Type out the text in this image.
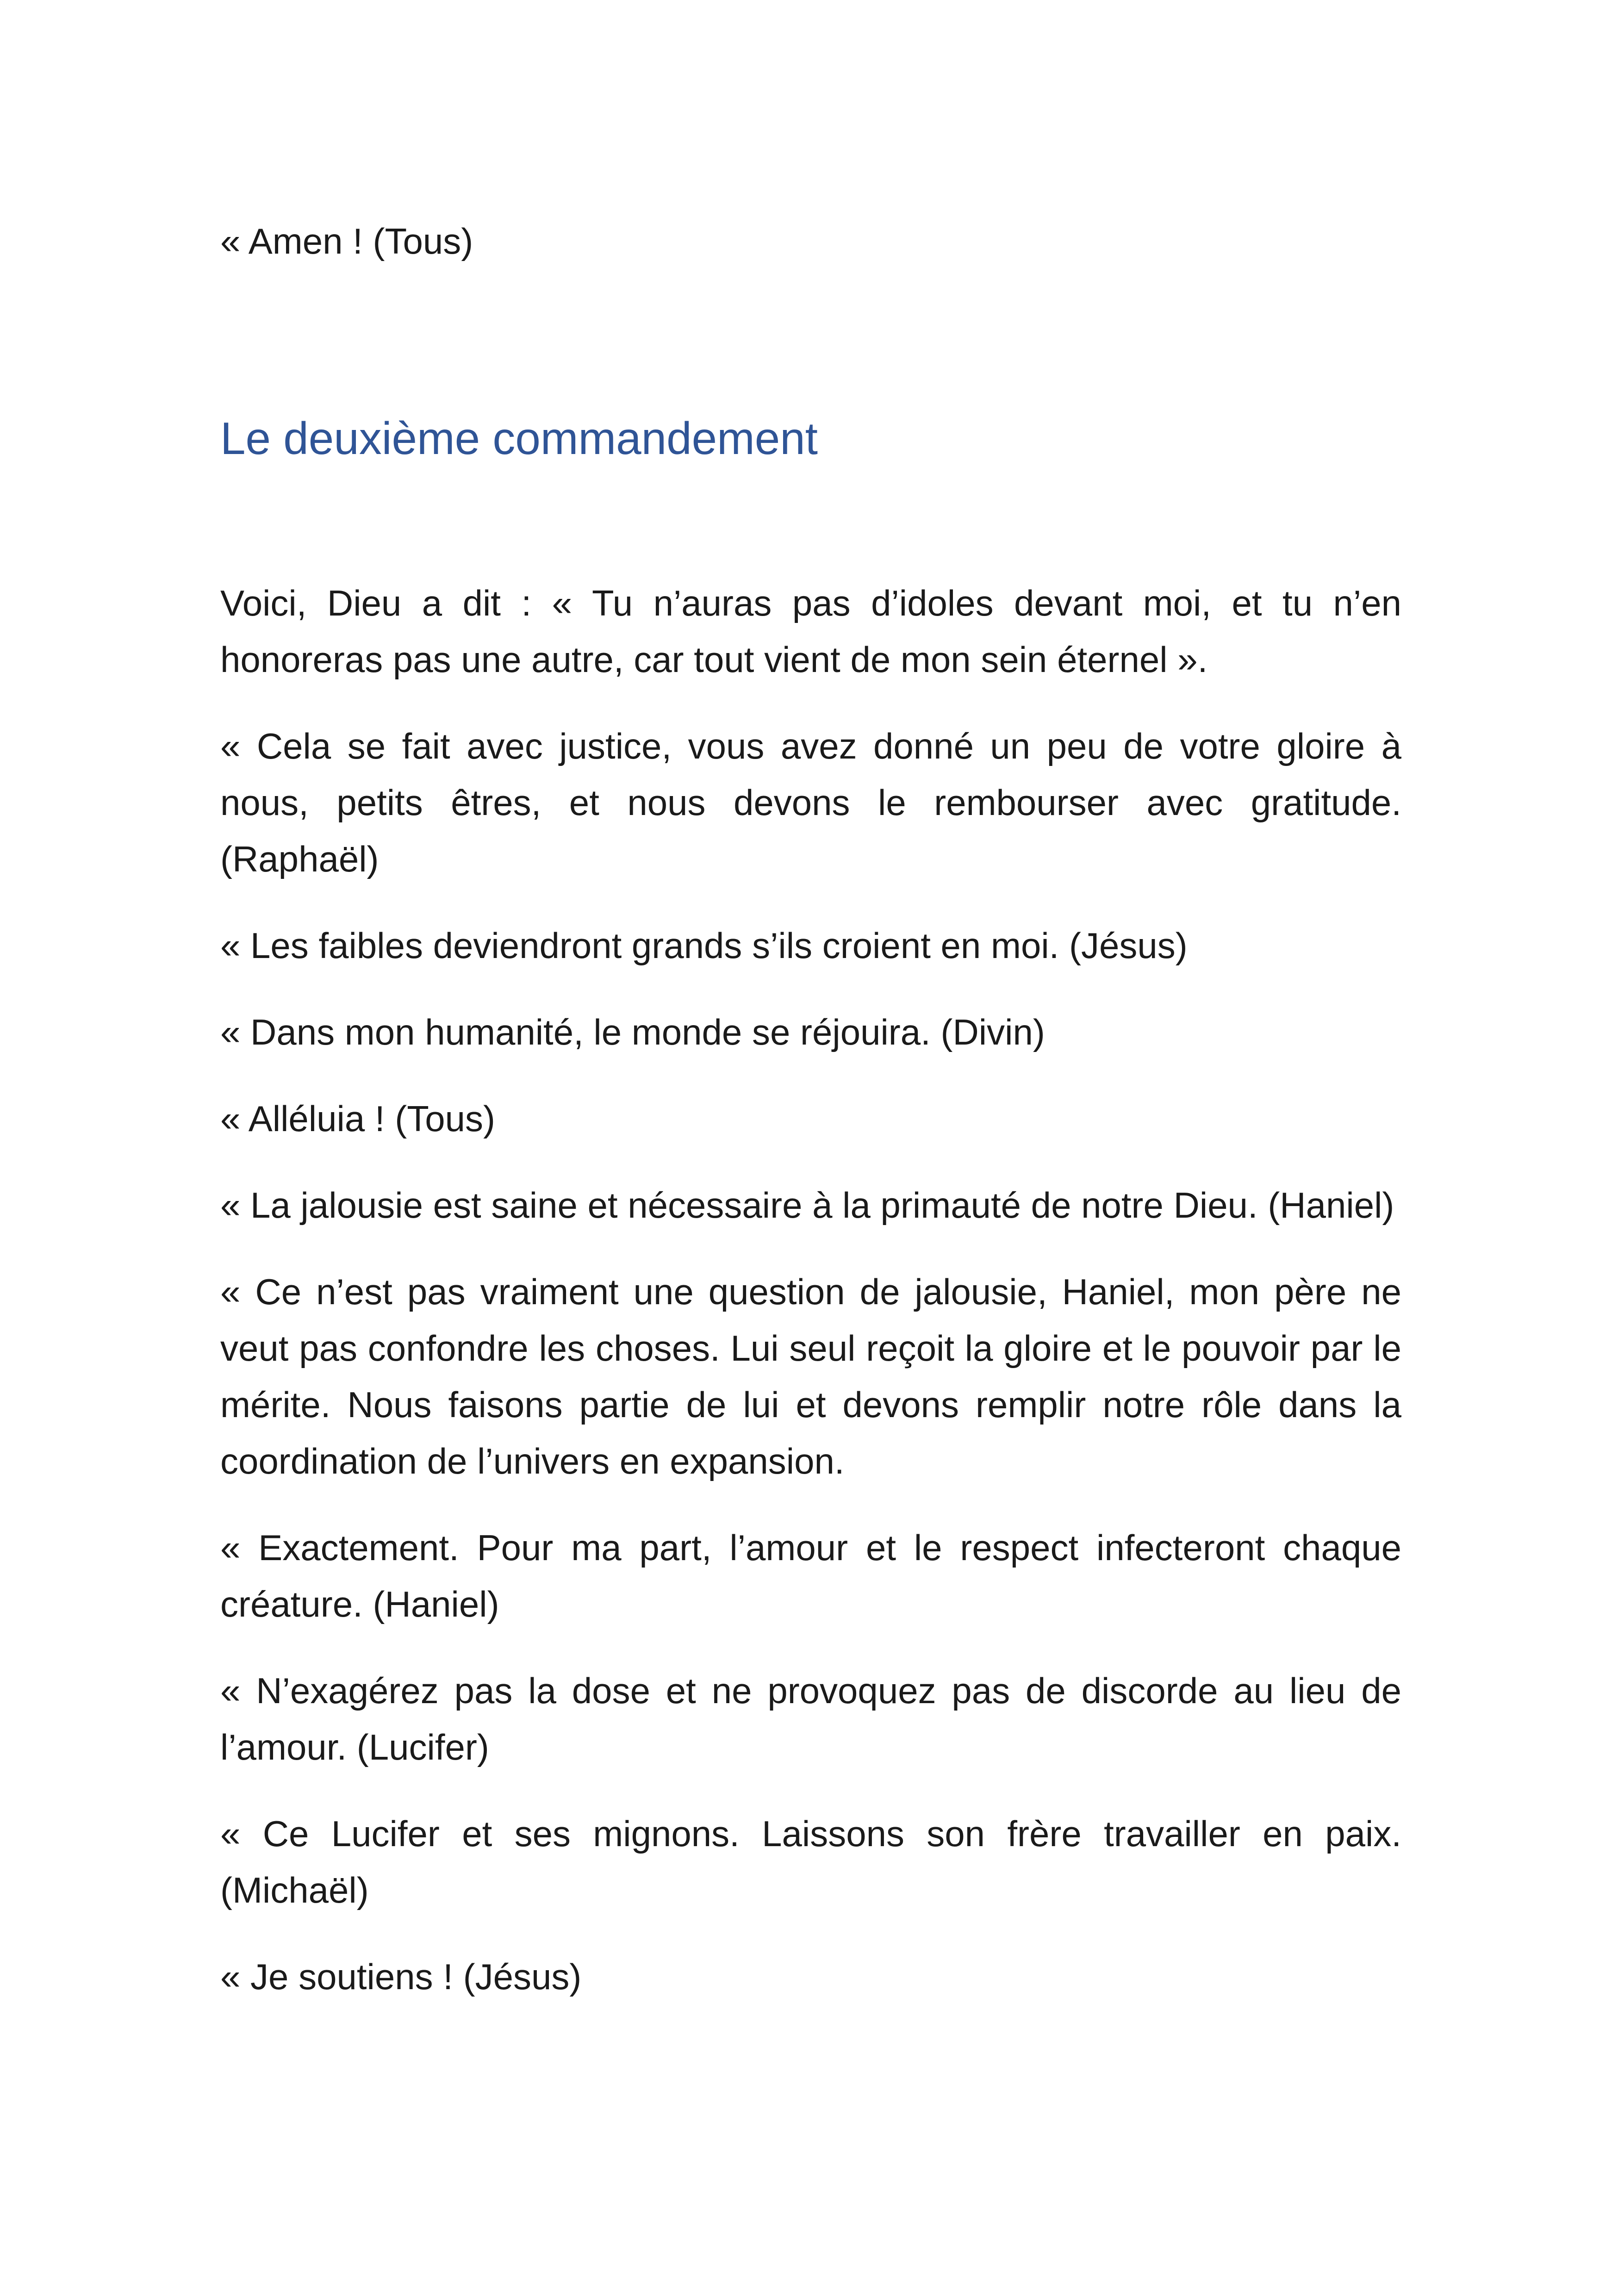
« Amen ! (Tous)

Le deuxième commandement

Voici, Dieu a dit : « Tu n’auras pas d’idoles devant moi, et tu n’en honoreras pas une autre, car tout vient de mon sein éternel ».

« Cela se fait avec justice, vous avez donné un peu de votre gloire à nous, petits êtres, et nous devons le rembourser avec gratitude. (Raphaël)

« Les faibles deviendront grands s’ils croient en moi. (Jésus)

« Dans mon humanité, le monde se réjouira. (Divin)

« Alléluia ! (Tous)

« La jalousie est saine et nécessaire à la primauté de notre Dieu. (Haniel)

« Ce n’est pas vraiment une question de jalousie, Haniel, mon père ne veut pas confondre les choses. Lui seul reçoit la gloire et le pouvoir par le mérite. Nous faisons partie de lui et devons remplir notre rôle dans la coordination de l’univers en expansion.

« Exactement. Pour ma part, l’amour et le respect infecteront chaque créature. (Haniel)

« N’exagérez pas la dose et ne provoquez pas de discorde au lieu de l’amour. (Lucifer)

« Ce Lucifer et ses mignons. Laissons son frère travailler en paix. (Michaël)

« Je soutiens ! (Jésus)
